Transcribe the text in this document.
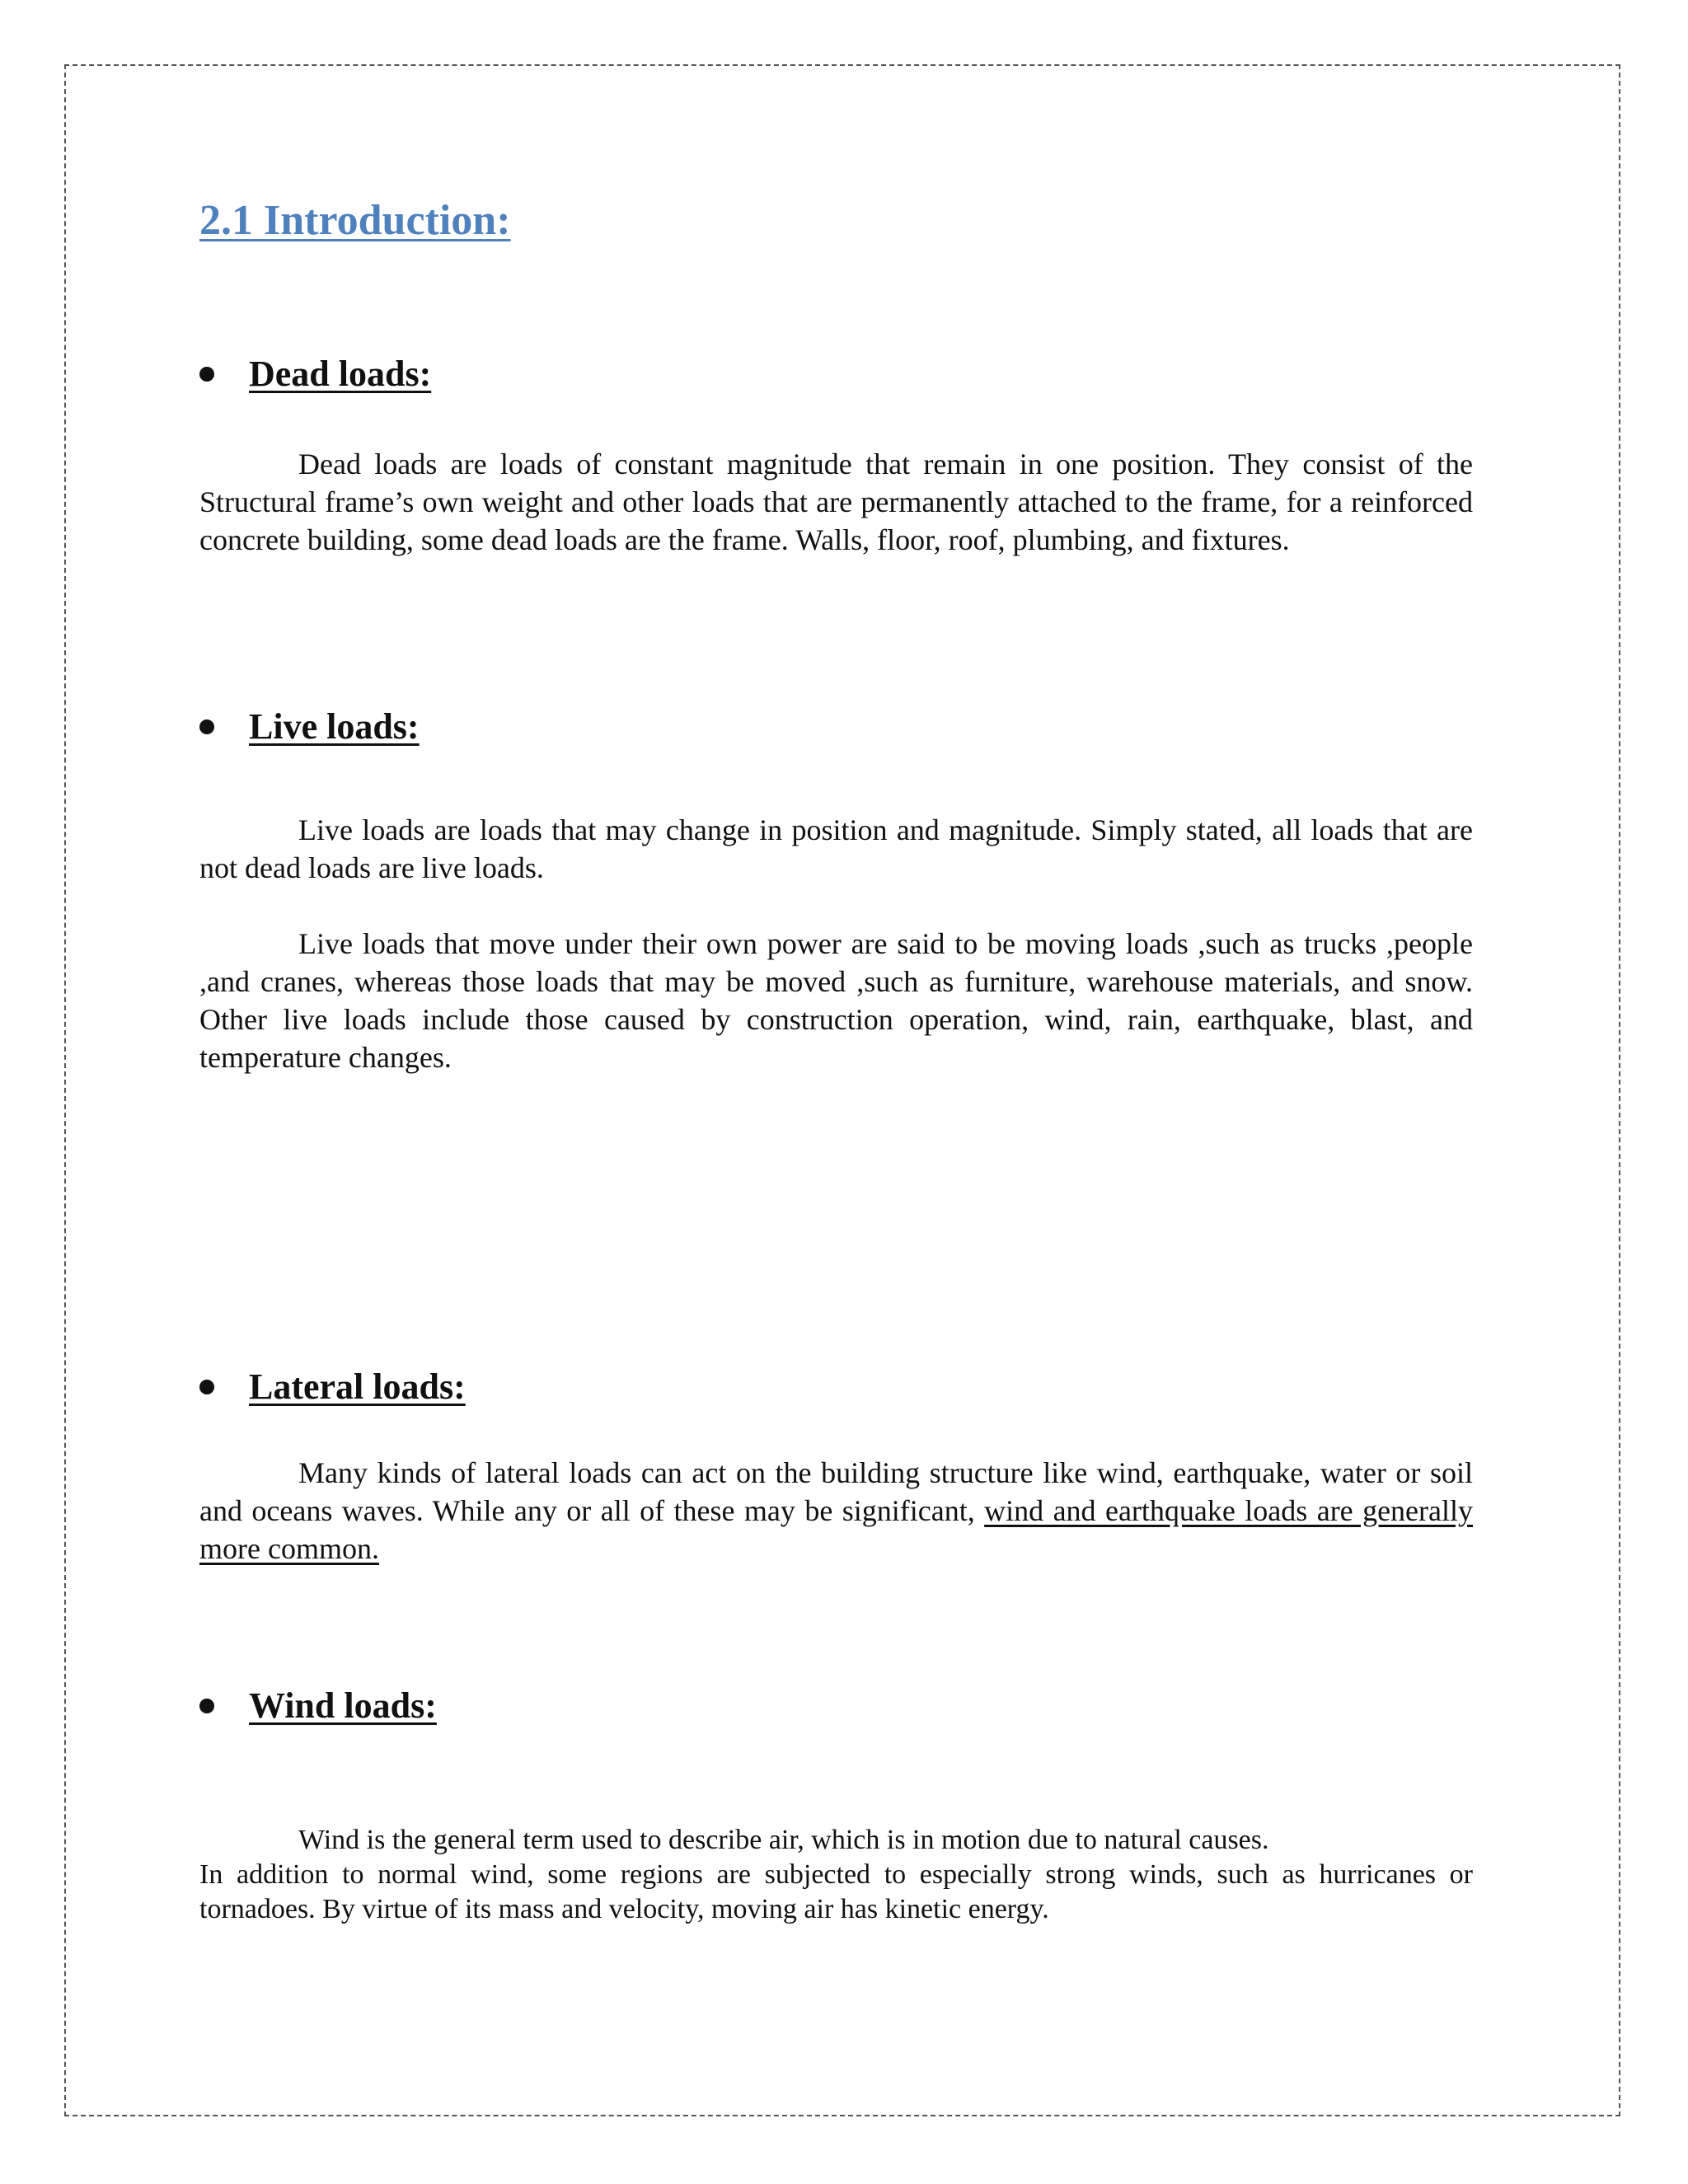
2.1 Introduction:
Dead loads:

Dead loads are loads of constant magnitude that remain in one position. They consist of the Structural frame’s own weight and other loads that are permanently attached to the frame, for a reinforced concrete building, some dead loads are the frame. Walls, floor, roof, plumbing, and fixtures.

Live loads:

Live loads are loads that may change in position and magnitude. Simply stated, all loads that are not dead loads are live loads.

Live loads that move under their own power are said to be moving loads ,such as trucks ,people ,and cranes, whereas those loads that may be moved ,such as furniture, warehouse materials, and snow. Other live loads include those caused by construction operation, wind, rain, earthquake, blast, and temperature changes.

Lateral loads:

Many kinds of lateral loads can act on the building structure like wind, earthquake, water or soil and oceans waves. While any or all of these may be significant, wind and earthquake loads are generally more common.

Wind loads:

Wind is the general term used to describe air, which is in motion due to natural causes.
In addition to normal wind, some regions are subjected to especially strong winds, such as hurricanes or tornadoes. By virtue of its mass and velocity, moving air has kinetic energy.
